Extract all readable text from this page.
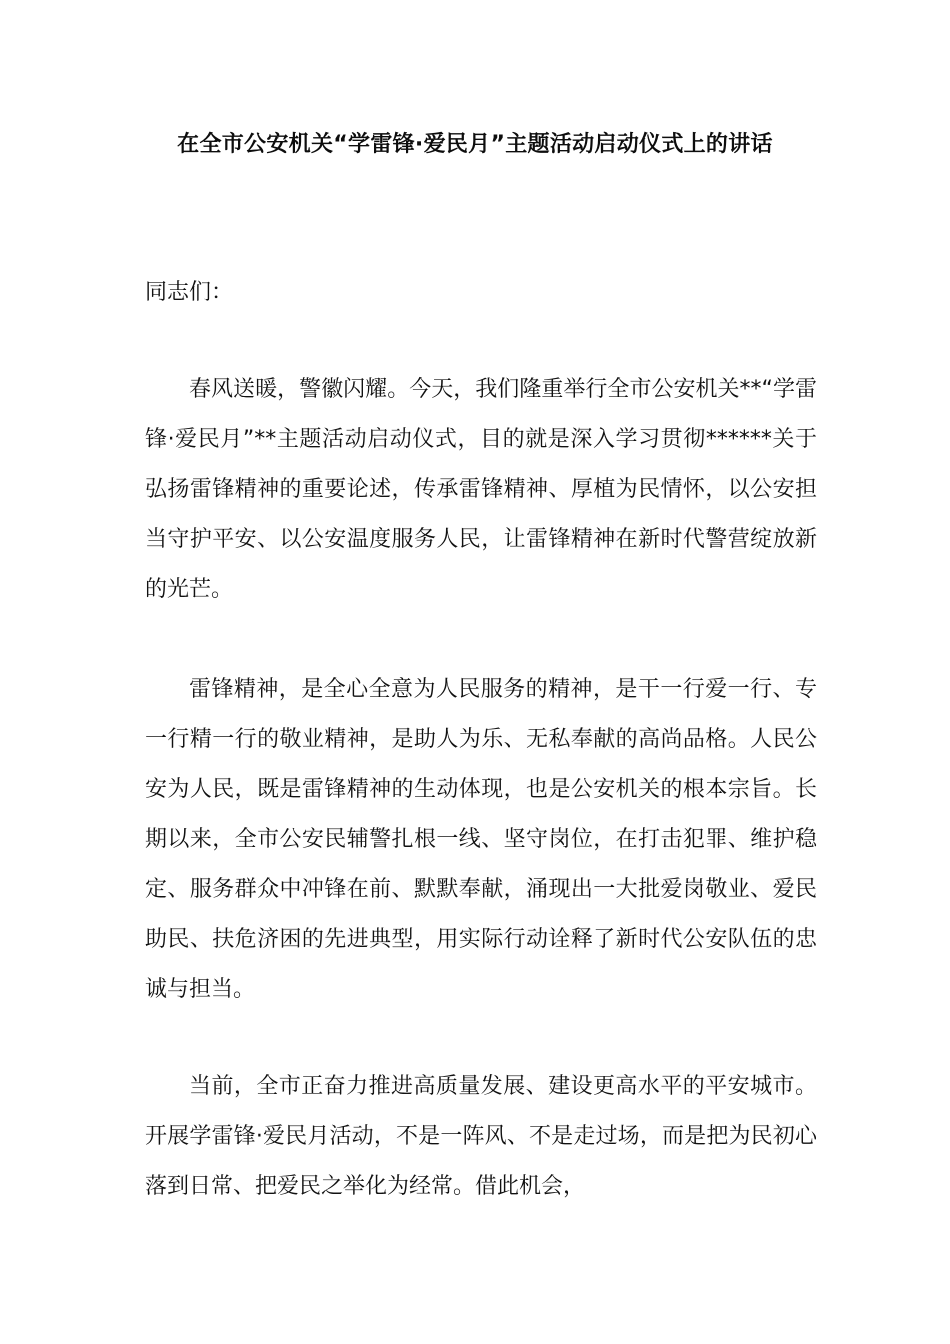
在全市公安机关“学雷锋·爱民月”主题活动启动仪式上的讲话

同志们：

春风送暖，警徽闪耀。今天，我们隆重举行全市公安机关**“学雷锋·爱民月”**主题活动启动仪式，目的就是深入学习贯彻******关于弘扬雷锋精神的重要论述，传承雷锋精神、厚植为民情怀，以公安担当守护平安、以公安温度服务人民，让雷锋精神在新时代警营绽放新的光芒。

雷锋精神，是全心全意为人民服务的精神，是干一行爱一行、专一行精一行的敬业精神，是助人为乐、无私奉献的高尚品格。人民公安为人民，既是雷锋精神的生动体现，也是公安机关的根本宗旨。长期以来，全市公安民辅警扎根一线、坚守岗位，在打击犯罪、维护稳定、服务群众中冲锋在前、默默奉献，涌现出一大批爱岗敬业、爱民助民、扶危济困的先进典型，用实际行动诠释了新时代公安队伍的忠诚与担当。

当前，全市正奋力推进高质量发展、建设更高水平的平安城市。开展学雷锋·爱民月活动，不是一阵风、不是走过场，而是把为民初心落到日常、把爱民之举化为经常。借此机会，
